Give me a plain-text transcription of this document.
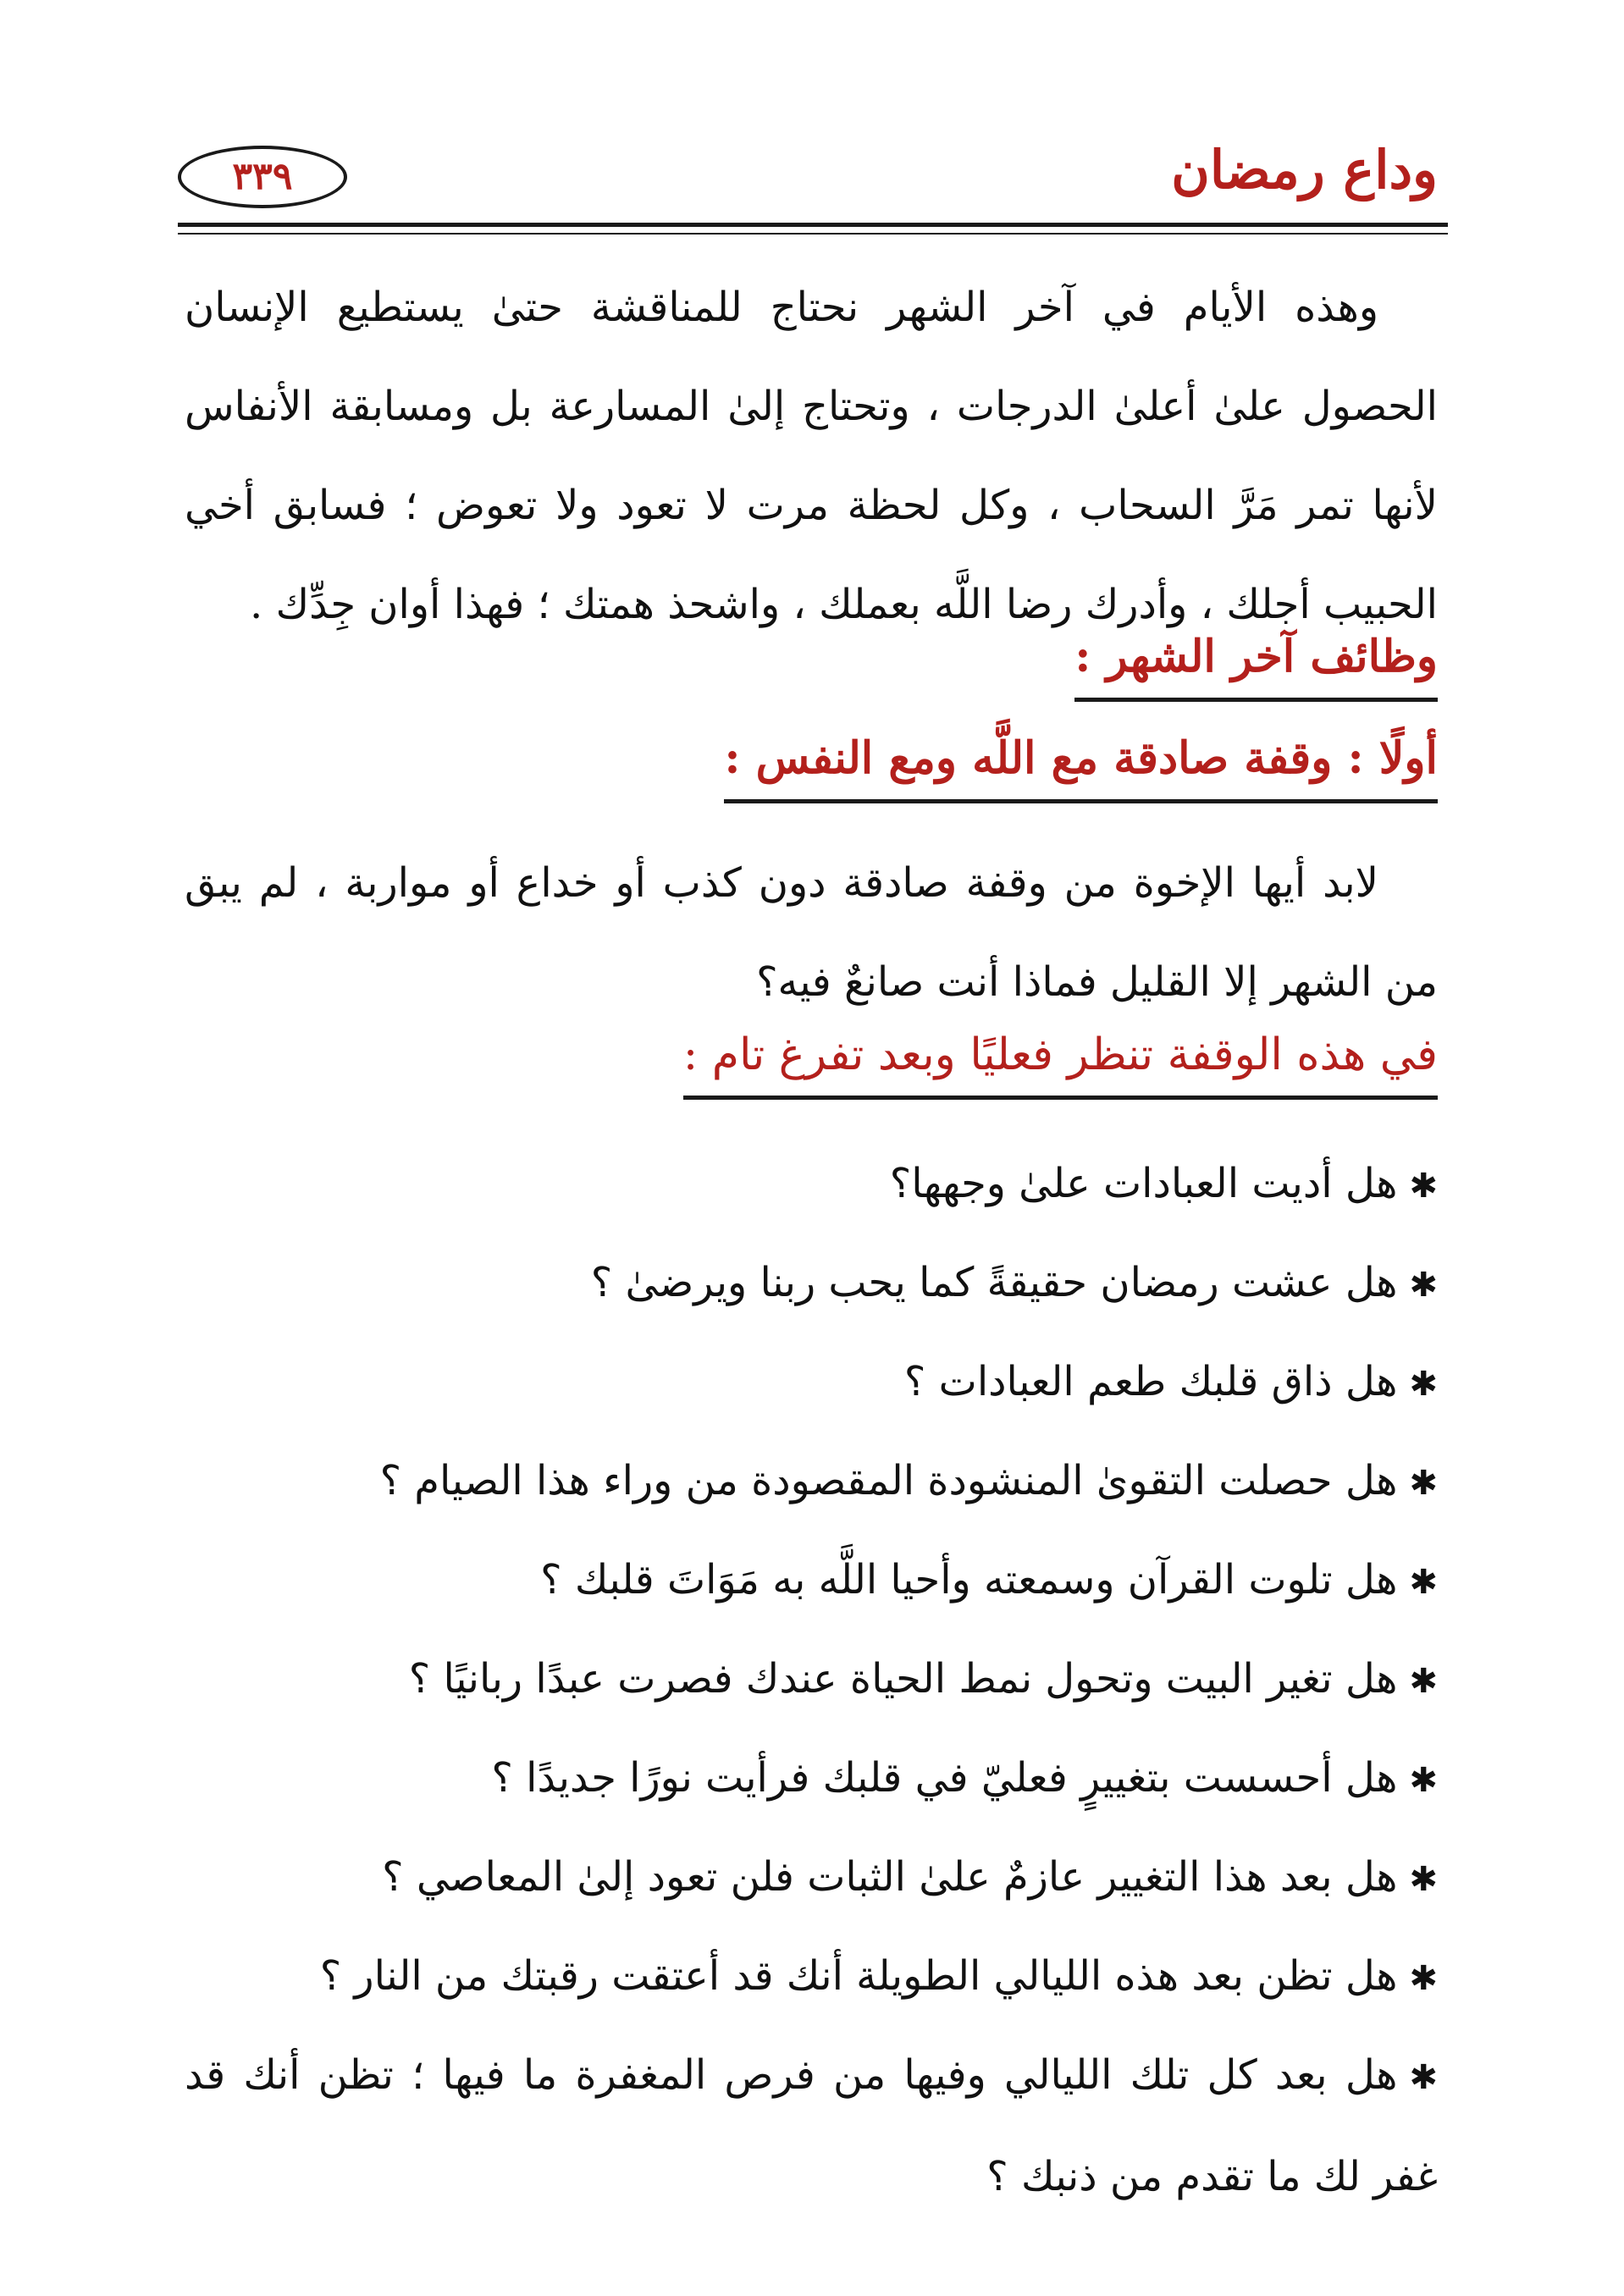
وداع رمضان
٣٣٩

وهذه الأيام في آخر الشهر نحتاج للمناقشة حتىٰ يستطيع الإنسان الحصول علىٰ أعلىٰ الدرجات ، وتحتاج إلىٰ المسارعة بل ومسابقة الأنفاس لأنها تمر مَرَّ السحاب ، وكل لحظة مرت لا تعود ولا تعوض ؛ فسابق أخي الحبيب أجلك ، وأدرك رضا اللَّه بعملك ، واشحذ همتك ؛ فهذا أوان جِدِّك .

وظائف آخر الشهر :
أولًا : وقفة صادقة مع اللَّه ومع النفس :

لابد أيها الإخوة من وقفة صادقة دون كذب أو خداع أو مواربة ، لم يبق من الشهر إلا القليل فماذا أنت صانعٌ فيه؟

في هذه الوقفة تنظر فعليًا وبعد تفرغ تام :
✱هل أديت العبادات علىٰ وجهها؟
✱هل عشت رمضان حقيقةً كما يحب ربنا ويرضىٰ ؟
✱هل ذاق قلبك طعم العبادات ؟
✱هل حصلت التقوىٰ المنشودة المقصودة من وراء هذا الصيام ؟
✱هل تلوت القرآن وسمعته وأحيا اللَّه به مَوَاتَ قلبك ؟
✱هل تغير البيت وتحول نمط الحياة عندك فصرت عبدًا ربانيًا ؟
✱هل أحسست بتغييرٍ فعليّ في قلبك فرأيت نورًا جديدًا ؟
✱هل بعد هذا التغيير عازمٌ علىٰ الثبات فلن تعود إلىٰ المعاصي ؟
✱هل تظن بعد هذه الليالي الطويلة أنك قد أعتقت رقبتك من النار ؟
✱هل بعد كل تلك الليالي وفيها من فرص المغفرة ما فيها ؛ تظن أنك قد غفر لك ما تقدم من ذنبك ؟
